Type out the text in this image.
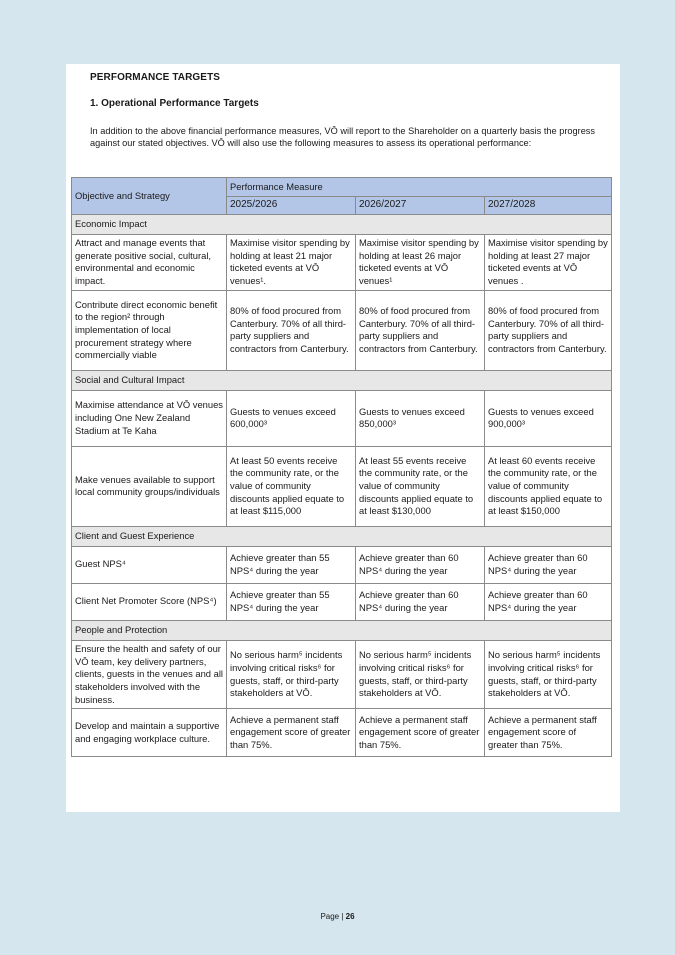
PERFORMANCE TARGETS
1. Operational Performance Targets
In addition to the above financial performance measures, VŌ will report to the Shareholder on a quarterly basis the progress against our stated objectives. VŌ will also use the following measures to assess its operational performance:
Objective and Strategy	Performance Measure		
	2025/2026	2026/2027	2027/2028
Economic Impact			
Attract and manage events that generate positive social, cultural, environmental and economic impact.	Maximise visitor spending by holding at least 21 major ticketed events at VŌ venues¹.	Maximise visitor spending by holding at least 26 major ticketed events at VŌ venues¹	Maximise visitor spending by holding at least 27 major ticketed events at VŌ venues .
Contribute direct economic benefit to the region² through implementation of local procurement strategy where commercially viable	80% of food procured from Canterbury. 70% of all third-party suppliers and contractors from Canterbury.	80% of food procured from Canterbury. 70% of all third-party suppliers and contractors from Canterbury.	80% of food procured from Canterbury. 70% of all third-party suppliers and contractors from Canterbury.
Social and Cultural Impact			
Maximise attendance at VŌ venues including One New Zealand Stadium at Te Kaha	Guests to venues exceed 600,000³	Guests to venues exceed 850,000³	Guests to venues exceed 900,000³
Make venues available to support local community groups/individuals	At least 50 events receive the community rate, or the value of community discounts applied equate to at least $115,000	At least 55 events receive the community rate, or the value of community discounts applied equate to at least $130,000	At least 60 events receive the community rate, or the value of community discounts applied equate to at least $150,000
Client and Guest Experience			
Guest NPS⁴	Achieve greater than 55 NPS⁴ during the year	Achieve greater than 60 NPS⁴ during the year	Achieve greater than 60 NPS⁴ during the year
Client Net Promoter Score (NPS⁴)	Achieve greater than 55 NPS⁴ during the year	Achieve greater than 60 NPS⁴ during the year	Achieve greater than 60 NPS⁴ during the year
People and Protection			
Ensure the health and safety of our VŌ team, key delivery partners, clients, guests in the venues and all stakeholders involved with the business.	No serious harm⁵ incidents involving critical risks⁶ for guests, staff, or third-party stakeholders at VŌ.	No serious harm⁵ incidents involving critical risks⁶ for guests, staff, or third-party stakeholders at VŌ.	No serious harm⁵ incidents involving critical risks⁶ for guests, staff, or third-party stakeholders at VŌ.
Develop and maintain a supportive and engaging workplace culture.	Achieve a permanent staff engagement score of greater than 75%.	Achieve a permanent staff engagement score of greater than 75%.	Achieve a permanent staff engagement score of greater than 75%.
Page | 26
